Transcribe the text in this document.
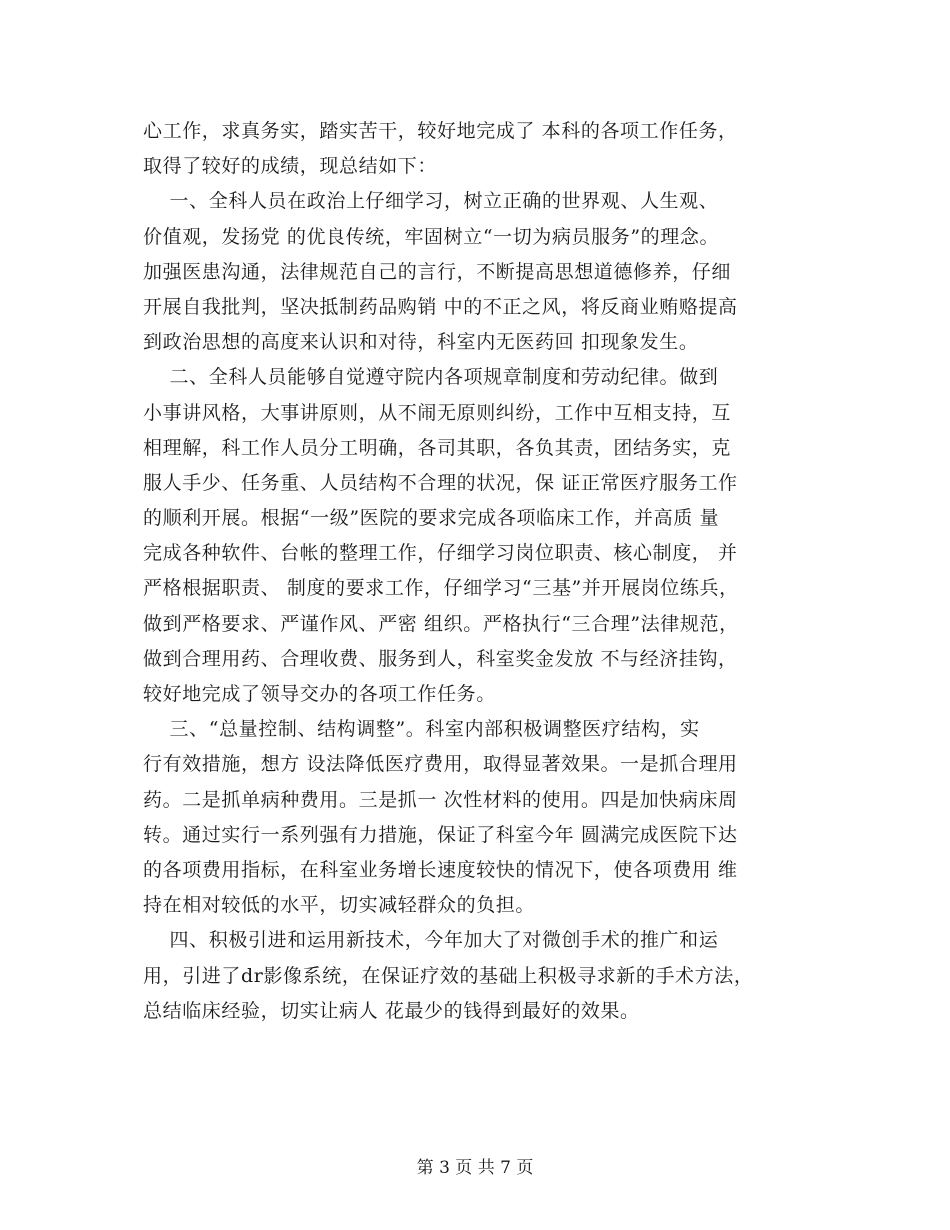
心工作，求真务实，踏实苦干，较好地完成了 本科的各项工作任务，
取得了较好的成绩，现总结如下：
一、全科人员在政治上仔细学习，树立正确的世界观、人生观、
价值观，发扬党 的优良传统，牢固树立“一切为病员服务”的理念。
加强医患沟通，法律规范自己的言行，不断提高思想道德修养，仔细
开展自我批判，坚决抵制药品购销 中的不正之风，将反商业贿赂提高
到政治思想的高度来认识和对待，科室内无医药回 扣现象发生。
二、全科人员能够自觉遵守院内各项规章制度和劳动纪律。做到
小事讲风格，大事讲原则，从不闹无原则纠纷，工作中互相支持，互
相理解，科工作人员分工明确，各司其职，各负其责，团结务实，克
服人手少、任务重、人员结构不合理的状况，保 证正常医疗服务工作
的顺利开展。根据“一级”医院的要求完成各项临床工作，并高质 量
完成各种软件、台帐的整理工作，仔细学习岗位职责、核心制度， 并
严格根据职责、 制度的要求工作，仔细学习“三基”并开展岗位练兵，
做到严格要求、严谨作风、严密 组织。严格执行“三合理”法律规范，
做到合理用药、合理收费、服务到人，科室奖金发放 不与经济挂钩，
较好地完成了领导交办的各项工作任务。
三、“总量控制、结构调整”。科室内部积极调整医疗结构，实
行有效措施，想方 设法降低医疗费用，取得显著效果。一是抓合理用
药。二是抓单病种费用。三是抓一 次性材料的使用。四是加快病床周
转。通过实行一系列强有力措施，保证了科室今年 圆满完成医院下达
的各项费用指标，在科室业务增长速度较快的情况下，使各项费用 维
持在相对较低的水平，切实减轻群众的负担。
四、积极引进和运用新技术，今年加大了对微创手术的推广和运
用，引进了dr影像系统，在保证疗效的基础上积极寻求新的手术方法，
总结临床经验，切实让病人 花最少的钱得到最好的效果。
第 3 页 共 7 页
